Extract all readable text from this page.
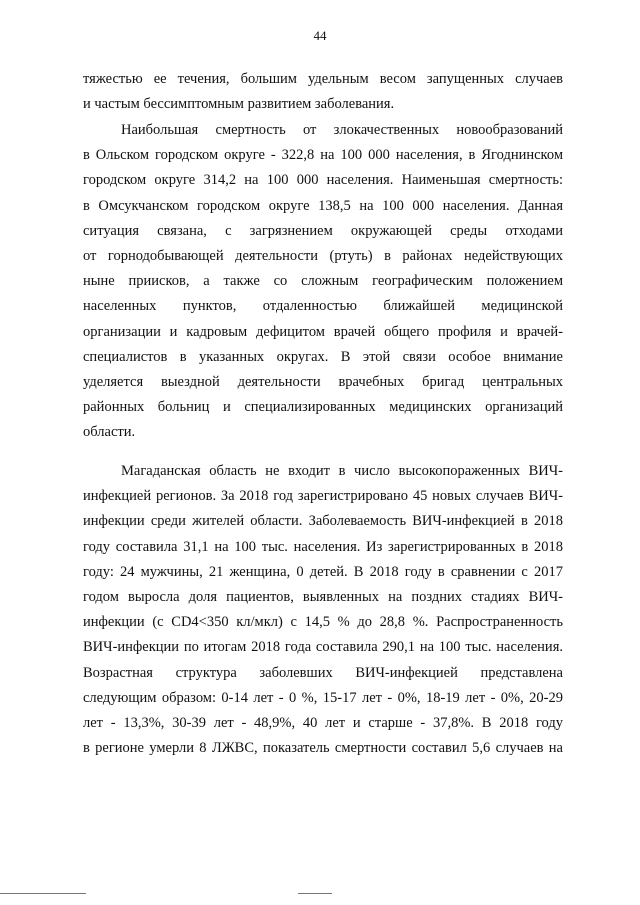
44
тяжестью ее течения, большим удельным весом запущенных случаев
и частым бессимптомным развитием заболевания.
Наибольшая смертность от злокачественных новообразований
в Ольском городском округе - 322,8 на 100 000 населения, в Ягоднинском
городском округе 314,2 на 100 000 населения. Наименьшая смертность:
в Омсукчанском городском округе 138,5 на 100 000 населения. Данная
ситуация связана, с загрязнением окружающей среды отходами
от горнодобывающей деятельности (ртуть) в районах недействующих
ныне приисков, а также со сложным географическим положением
населенных пунктов, отдаленностью ближайшей медицинской
организации и кадровым дефицитом врачей общего профиля и врачей-
специалистов в указанных округах. В этой связи особое внимание
уделяется выездной деятельности врачебных бригад центральных
районных больниц и специализированных медицинских организаций
области.
Магаданская область не входит в число высокопораженных ВИЧ-
инфекцией регионов. За 2018 год зарегистрировано 45 новых случаев ВИЧ-
инфекции среди жителей области. Заболеваемость ВИЧ-инфекцией в 2018
году составила 31,1 на 100 тыс. населения. Из зарегистрированных в 2018
году: 24 мужчины, 21 женщина, 0 детей. В 2018 году в сравнении с 2017
годом выросла доля пациентов, выявленных на поздних стадиях ВИЧ-
инфекции (с CD4<350 кл/мкл) с 14,5 % до 28,8 %. Распространенность
ВИЧ-инфекции по итогам 2018 года составила 290,1 на 100 тыс. населения.
Возрастная структура заболевших ВИЧ-инфекцией представлена
следующим образом: 0-14 лет - 0 %, 15-17 лет - 0%, 18-19 лет - 0%, 20-29
лет - 13,3%, 30-39 лет - 48,9%, 40 лет и старше - 37,8%. В 2018 году
в регионе умерли 8 ЛЖВС, показатель смертности составил 5,6 случаев на
